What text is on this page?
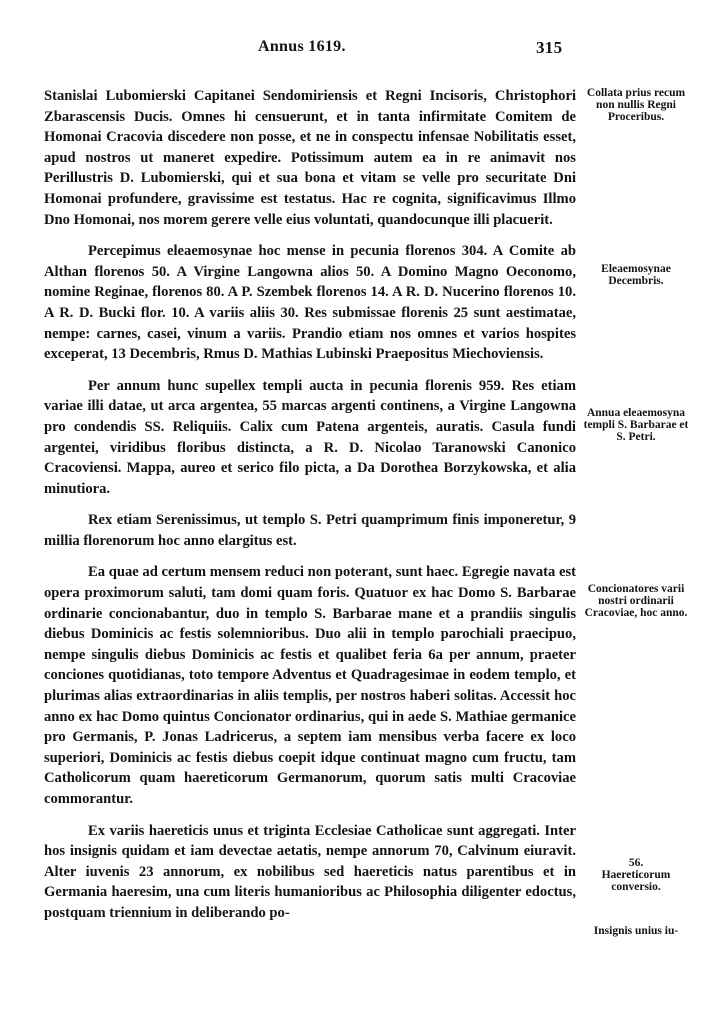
Annus 1619.	315

Stanislai Lubomierski Capitanei Sendomiriensis et Regni Incisoris, Christophori Zbarascensis Ducis. Omnes hi censuerunt, et in tanta infirmitate Comitem de Homonai Cracovia discedere non posse, et ne in conspectu infensae Nobilitatis esset, apud nostros ut maneret expedire. Potissimum autem ea in re animavit nos Perillustris D. Lubomierski, qui et sua bona et vitam se velle pro securitate Dni Homonai profundere, gravissime est testatus. Hac re cognita, significavimus Illmo Dno Homonai, nos morem gerere velle eius voluntati, quandocunque illi placuerit.

Percepimus eleaemosynae hoc mense in pecunia florenos 304. A Comite ab Althan florenos 50. A Virgine Langowna alios 50. A Domino Magno Oeconomo, nomine Reginae, florenos 80. A P. Szembek florenos 14. A R. D. Nucerino florenos 10. A R. D. Bucki flor. 10. A variis aliis 30. Res submissae florenis 25 sunt aestimatae, nempe: carnes, casei, vinum a variis. Prandio etiam nos omnes et varios hospites exceperat, 13 Decembris, Rmus D. Mathias Lubinski Praepositus Miechoviensis.

Per annum hunc supellex templi aucta in pecunia florenis 959. Res etiam variae illi datae, ut arca argentea, 55 marcas argenti continens, a Virgine Langowna pro condendis SS. Reliquiis. Calix cum Patena argenteis, auratis. Casula fundi argentei, viridibus floribus distincta, a R. D. Nicolao Taranowski Canonico Cracoviensi. Mappa, aureo et serico filo picta, a Da Dorothea Borzykowska, et alia minutiora.

Rex etiam Serenissimus, ut templo S. Petri quamprimum finis imponeretur, 9 millia florenorum hoc anno elargitus est.

Ea quae ad certum mensem reduci non poterant, sunt haec. Egregie navata est opera proximorum saluti, tam domi quam foris. Quatuor ex hac Domo S. Barbarae ordinarie concionabantur, duo in templo S. Barbarae mane et a prandiis singulis diebus Dominicis ac festis solemnioribus. Duo alii in templo parochiali praecipuo, nempe singulis diebus Dominicis ac festis et qualibet feria 6a per annum, praeter conciones quotidianas, toto tempore Adventus et Quadragesimae in eodem templo, et plurimas alias extraordinarias in aliis templis, per nostros haberi solitas. Accessit hoc anno ex hac Domo quintus Concionator ordinarius, qui in aede S. Mathiae germanice pro Germanis, P. Jonas Ladricerus, a septem iam mensibus verba facere ex loco superiori, Dominicis ac festis diebus coepit idque continuat magno cum fructu, tam Catholicorum quam haereticorum Germanorum, quorum satis multi Cracoviae commorantur.

Ex variis haereticis unus et triginta Ecclesiae Catholicae sunt aggregati. Inter hos insignis quidam et iam devectae aetatis, nempe annorum 70, Calvinum eiuravit. Alter iuvenis 23 annorum, ex nobilibus sed haereticis natus parentibus et in Germania haeresim, una cum literis humanioribus ac Philosophia diligenter edoctus, postquam triennium in deliberando po-

Collata prius recum non nullis Regni Proceribus.
Eleaemosynae Decembris.
Annua eleaemosyna templi S. Barbarae et S. Petri.
Concionatores varii nostri ordinarii Cracoviae, hoc anno.
56.
Haereticorum conversio.
Insignis unius iu-
